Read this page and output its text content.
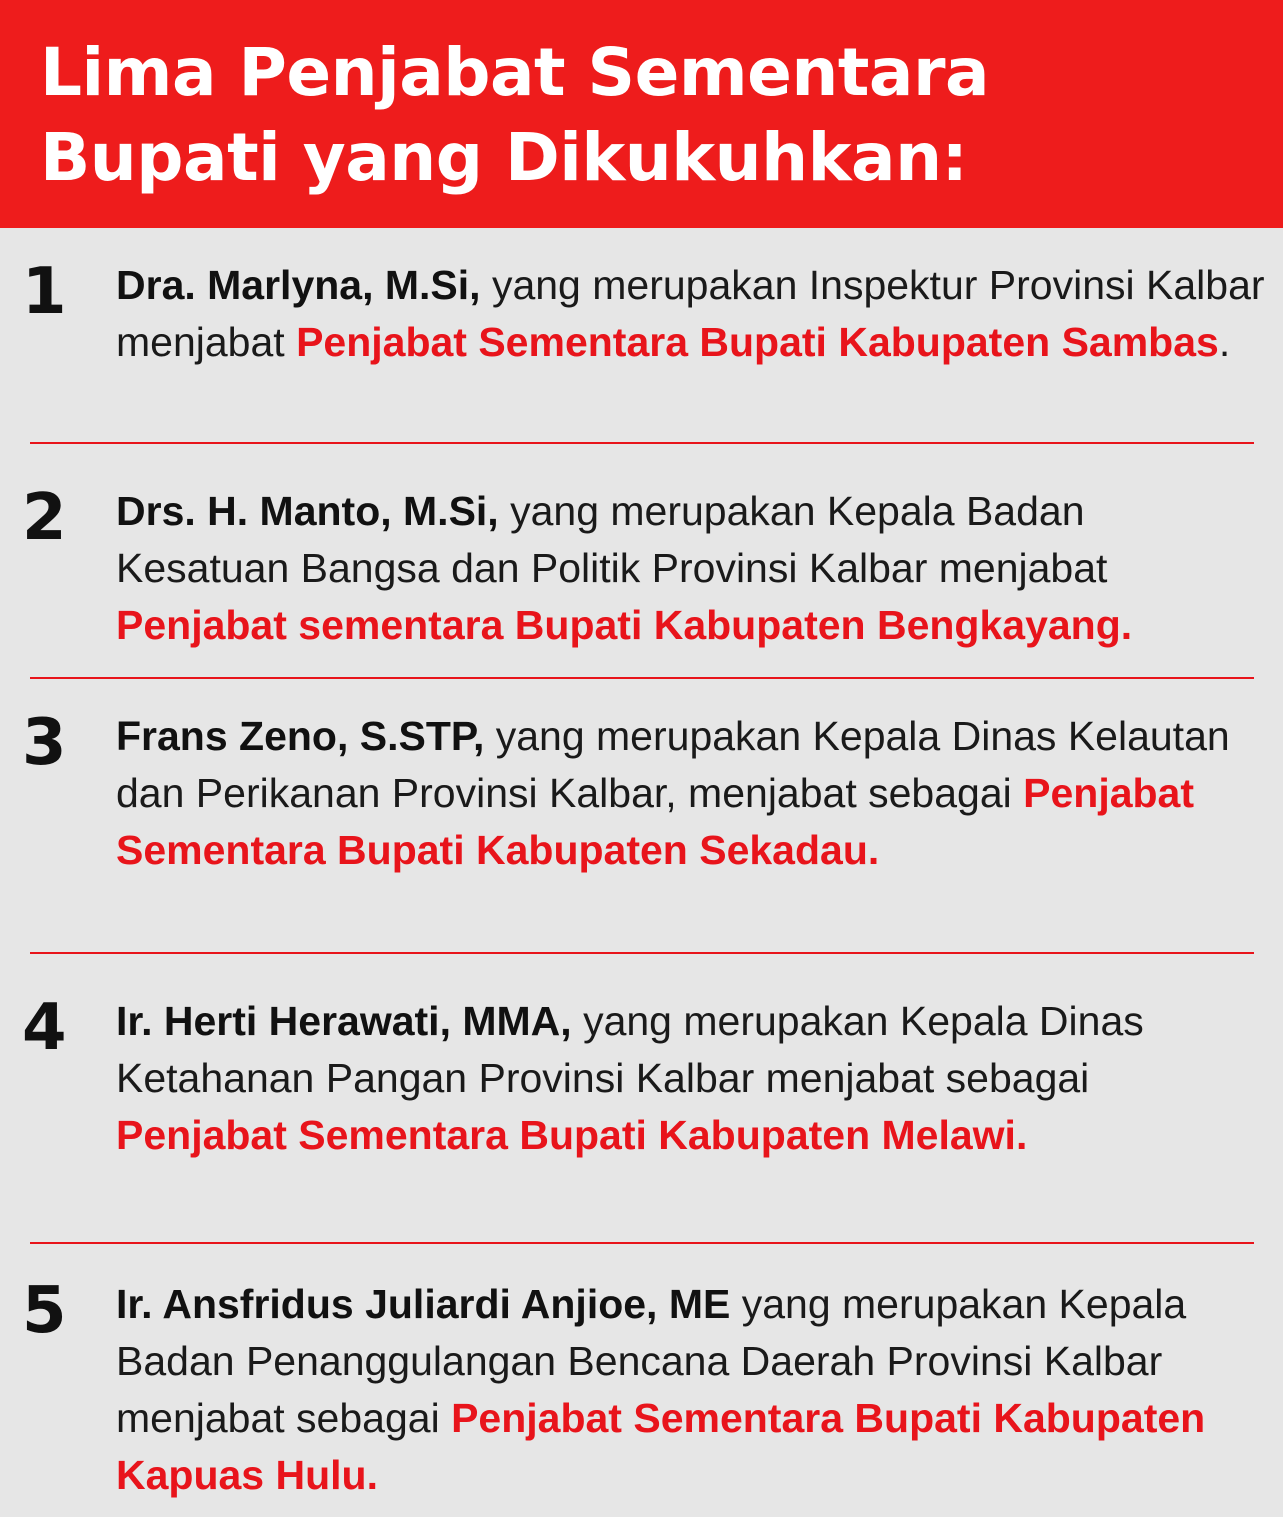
Lima Penjabat Sementara
Bupati yang Dikukuhkan:
1	Dra. Marlyna, M.Si, yang merupakan Inspektur Provinsi Kalbar menjabat Penjabat Sementara Bupati Kabupaten Sambas.

2	Drs. H. Manto, M.Si, yang merupakan Kepala Badan Kesatuan Bangsa dan Politik Provinsi Kalbar menjabat Penjabat sementara Bupati Kabupaten Bengkayang.

3	Frans Zeno, S.STP, yang merupakan Kepala Dinas Kelautan dan Perikanan Provinsi Kalbar, menjabat sebagai Penjabat Sementara Bupati Kabupaten Sekadau.

4	Ir. Herti Herawati, MMA, yang merupakan Kepala Dinas Ketahanan Pangan Provinsi Kalbar menjabat sebagai Penjabat Sementara Bupati Kabupaten Melawi.

5	Ir. Ansfridus Juliardi Anjioe, ME yang merupakan Kepala Badan Penanggulangan Bencana Daerah Provinsi Kalbar menjabat sebagai Penjabat Sementara Bupati Kabupaten Kapuas Hulu.
